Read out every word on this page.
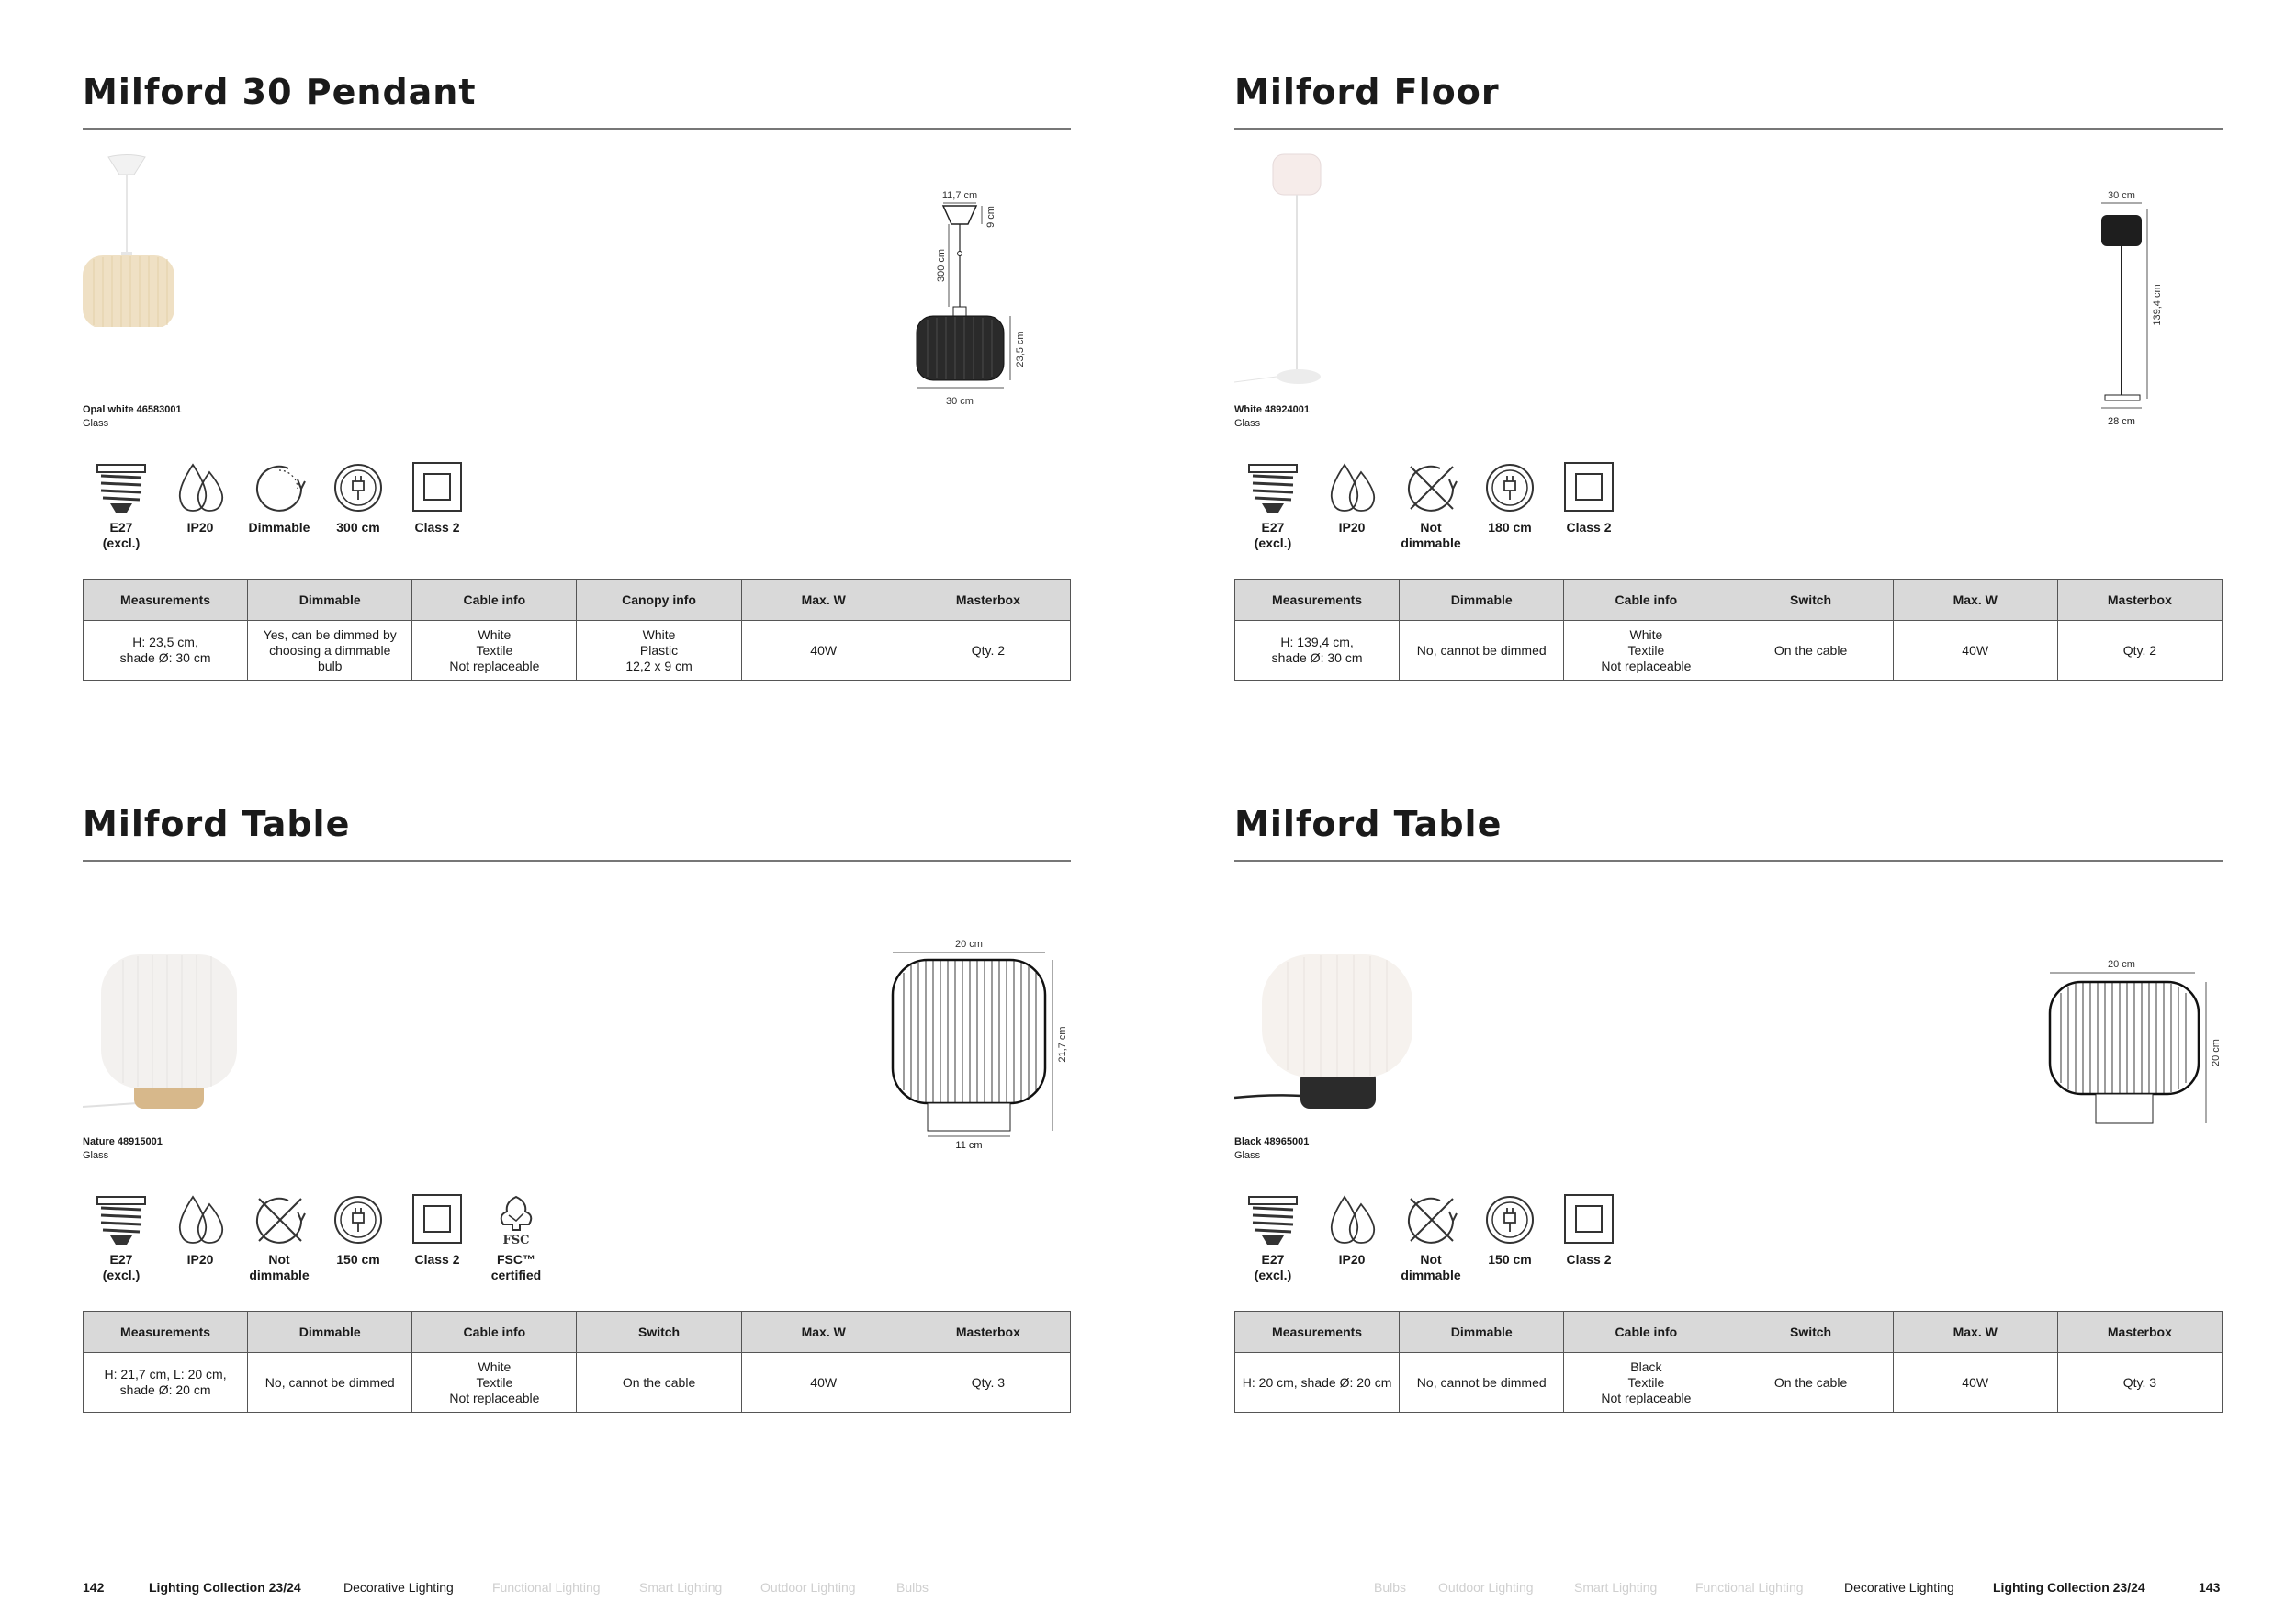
Milford 30 Pendant
Opal white 46583001
Glass
11,7 cm
9 cm
300 cm
23,5 cm
30 cm
E27
(excl.)
IP20	Dimmable	300 cm	Class 2
Measurements	Dimmable	Cable info	Canopy info	Max. W	Masterbox

H: 23,5 cm,
shade Ø: 30 cm	Yes, can be dimmed by
choosing a dimmable
bulb	White
Textile
Not replaceable	White
Plastic
12,2 x 9 cm	40W	Qty. 2
Milford Floor
White 48924001
Glass
30 cm
139,4 cm
28 cm
E27
(excl.)
IP20	Not
dimmable
180 cm	Class 2
Measurements	Dimmable	Cable info	Switch	Max. W	Masterbox

H: 139,4 cm,
shade Ø: 30 cm	No, cannot be dimmed	White
Textile
Not replaceable	On the cable	40W	Qty. 2
Milford Table
Nature 48915001
Glass
20 cm
21,7 cm
11 cm
E27
(excl.)
IP20	Not
dimmable
150 cm	Class 2
FSC
FSC™
certified
Measurements	Dimmable	Cable info	Switch	Max. W	Masterbox

H: 21,7 cm, L: 20 cm,
shade Ø: 20 cm	No, cannot be dimmed	White
Textile
Not replaceable	On the cable	40W	Qty. 3
Milford Table
Black 48965001
Glass
20 cm
20 cm
E27
(excl.)
IP20	Not
dimmable
150 cm	Class 2
Measurements	Dimmable	Cable info	Switch	Max. W	Masterbox

H: 20 cm, shade Ø: 20 cm	No, cannot be dimmed	Black
Textile
Not replaceable	On the cable	40W	Qty. 3
142	Lighting Collection 23/24	Decorative Lighting	Functional Lighting	Smart Lighting	Outdoor Lighting	Bulbs	Bulbs Outdoor Lighting	Smart Lighting	Functional Lighting	Decorative Lighting	Lighting Collection 23/24	143
